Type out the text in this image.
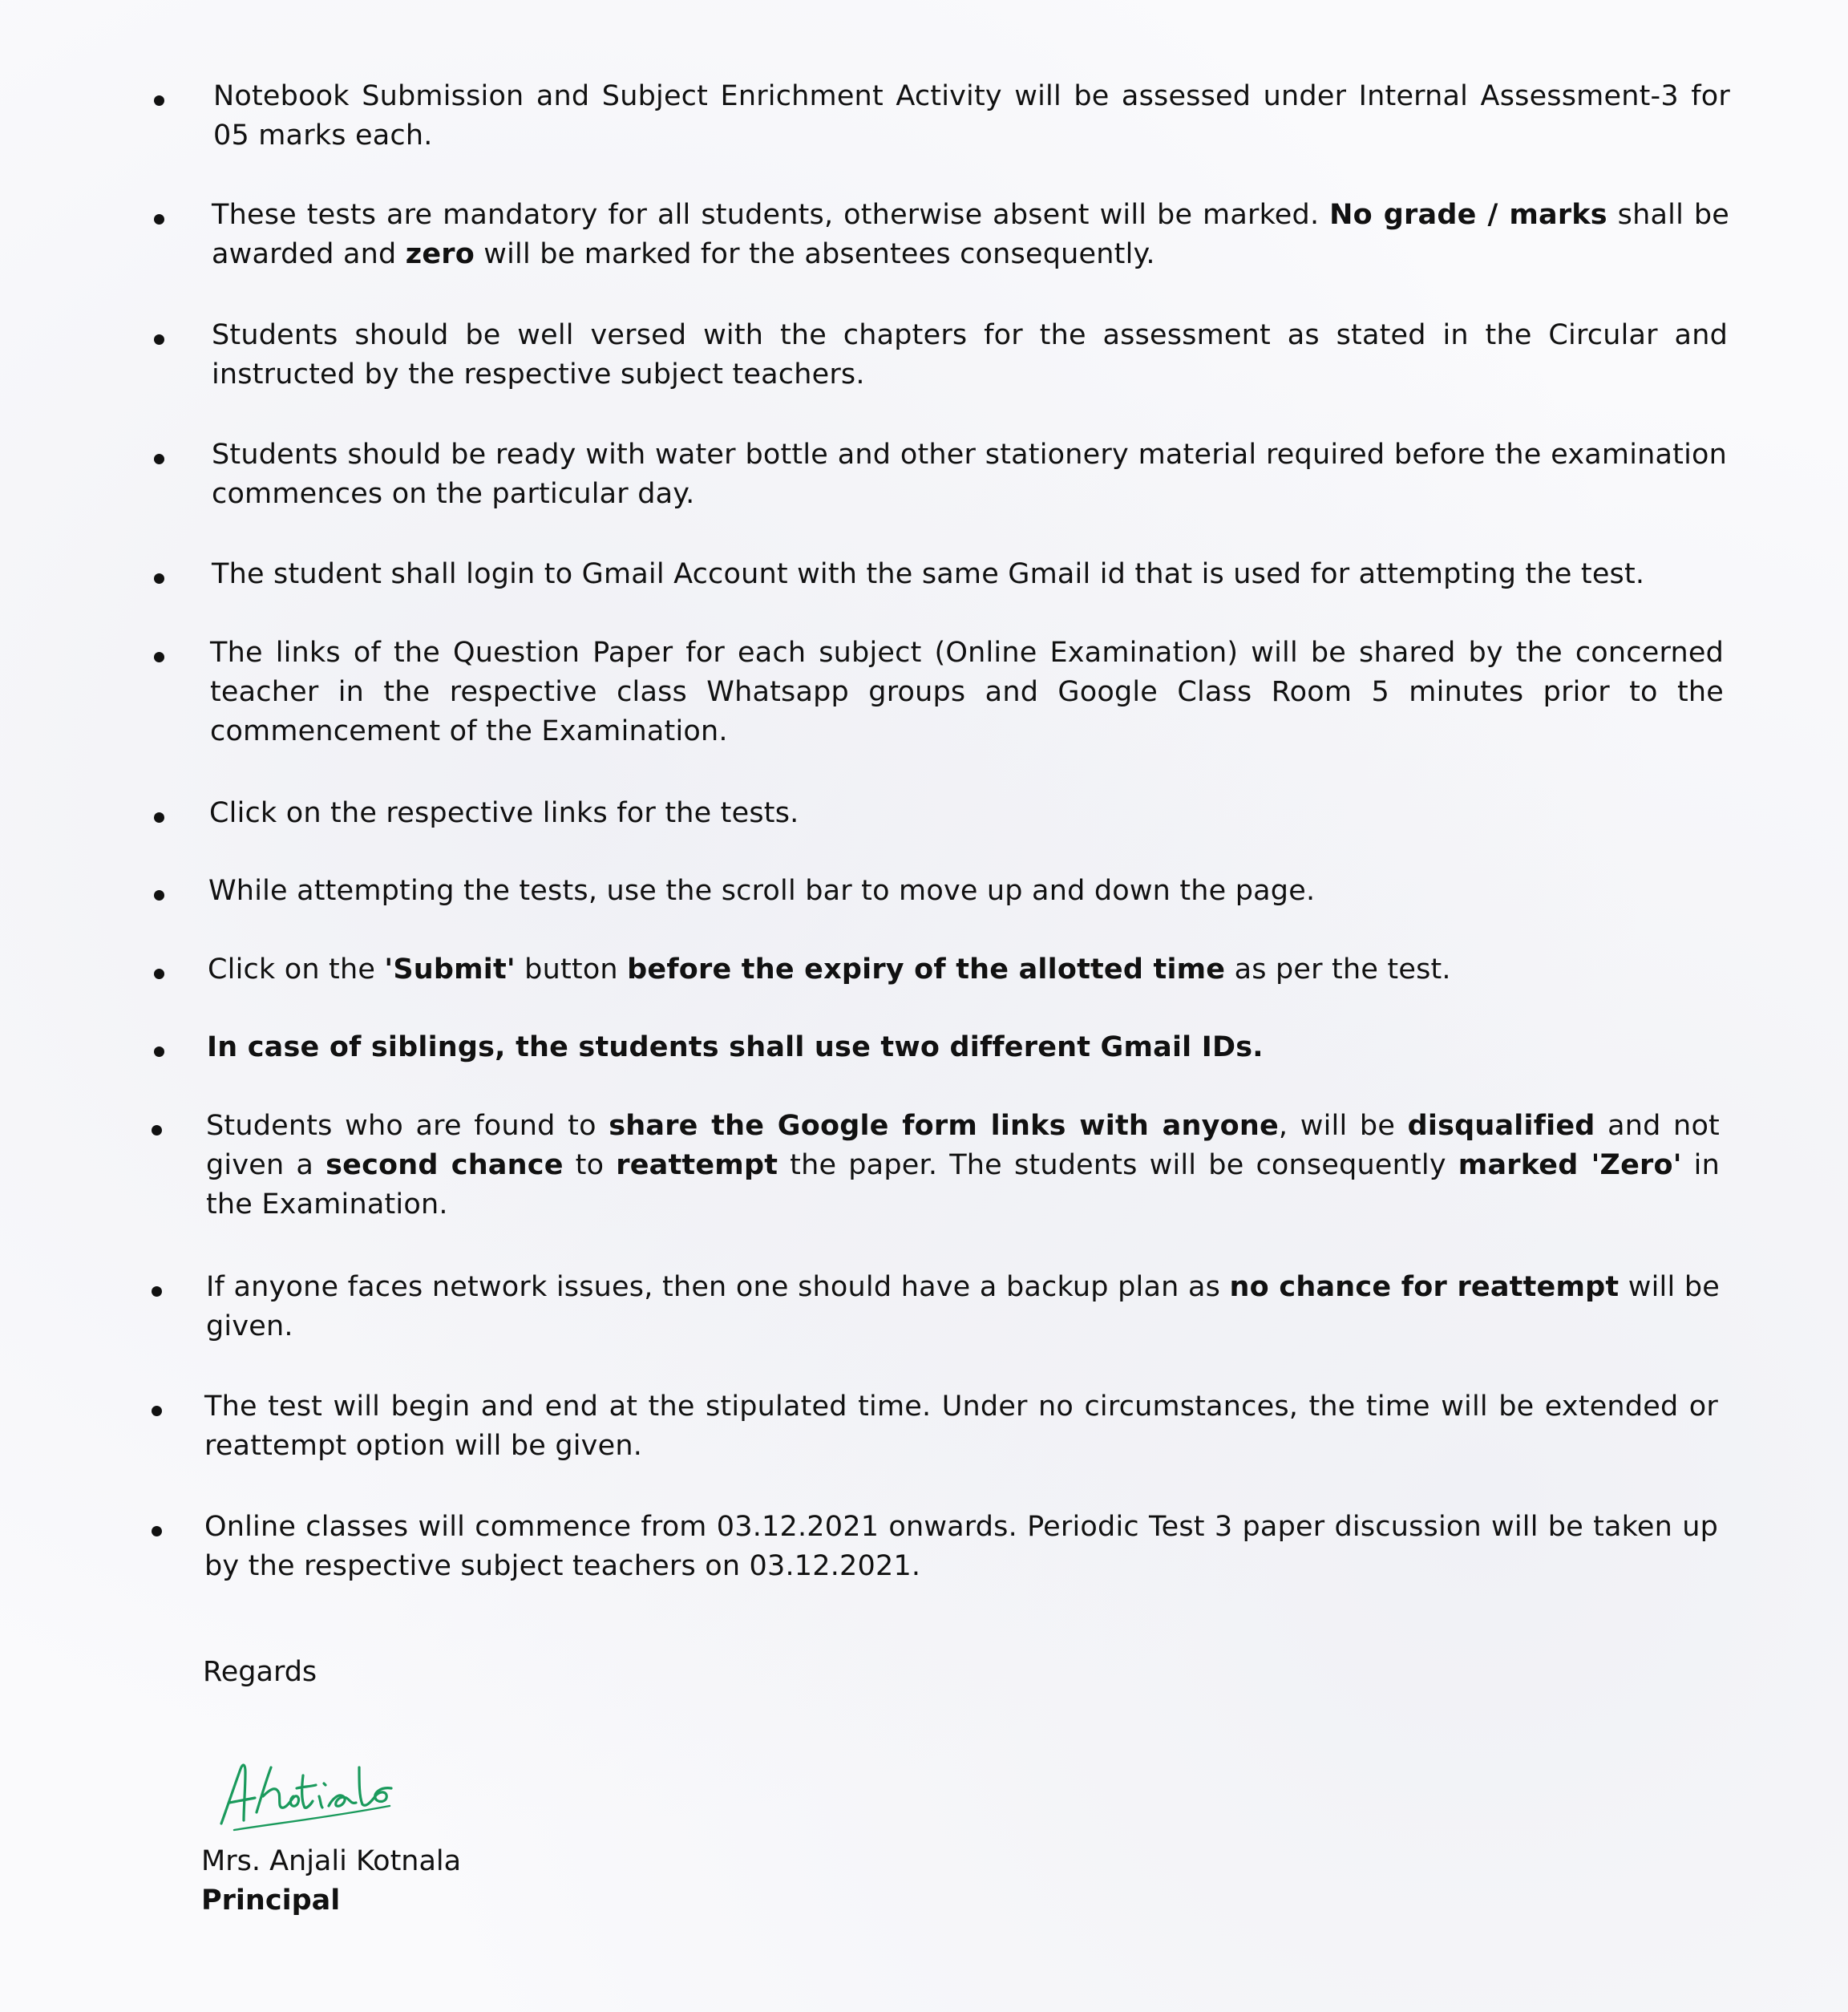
Notebook Submission and Subject Enrichment Activity will be assessed under Internal Assessment-3 for 05 marks each.
These tests are mandatory for all students, otherwise absent will be marked. No grade / marks shall be awarded and zero will be marked for the absentees consequently.
Students should be well versed with the chapters for the assessment as stated in the Circular and instructed by the respective subject teachers.
Students should be ready with water bottle and other stationery material required before the examination commences on the particular day.
The student shall login to Gmail Account with the same Gmail id that is used for attempting the test.
The links of the Question Paper for each subject (Online Examination) will be shared by the concerned teacher in the respective class Whatsapp groups and Google Class Room 5 minutes prior to the commencement of the Examination.
Click on the respective links for the tests.
While attempting the tests, use the scroll bar to move up and down the page.
Click on the 'Submit' button before the expiry of the allotted time as per the test.
In case of siblings, the students shall use two different Gmail IDs.
Students who are found to share the Google form links with anyone, will be disqualified and not given a second chance to reattempt the paper. The students will be consequently marked 'Zero' in the Examination.
If anyone faces network issues, then one should have a backup plan as no chance for reattempt will be given.
The test will begin and end at the stipulated time. Under no circumstances, the time will be extended or reattempt option will be given.
Online classes will commence from 03.12.2021 onwards. Periodic Test 3 paper discussion will be taken up by the respective subject teachers on 03.12.2021.
Regards
Mrs. Anjali Kotnala
Principal
